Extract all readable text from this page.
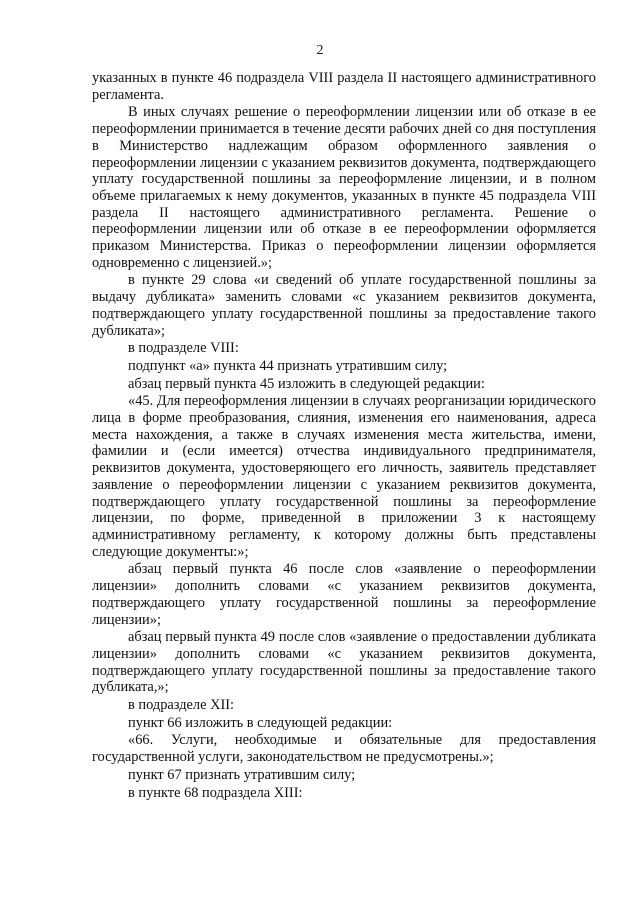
2

указанных в пункте 46 подраздела VIII раздела II настоящего административного регламента.

В иных случаях решение о переоформлении лицензии или об отказе в ее переоформлении принимается в течение десяти рабочих дней со дня поступления в Министерство надлежащим образом оформленного заявления о переоформлении лицензии с указанием реквизитов документа, подтверждающего уплату государственной пошлины за переоформление лицензии, и в полном объеме прилагаемых к нему документов, указанных в пункте 45 подраздела VIII раздела II настоящего административного регламента. Решение о переоформлении лицензии или об отказе в ее переоформлении оформляется приказом Министерства. Приказ о переоформлении лицензии оформляется одновременно с лицензией.»;

в пункте 29 слова «и сведений об уплате государственной пошлины за выдачу дубликата» заменить словами «с указанием реквизитов документа, подтверждающего уплату государственной пошлины за предоставление такого дубликата»;

в подразделе VIII:

подпункт «а» пункта 44 признать утратившим силу;

абзац первый пункта 45 изложить в следующей редакции:

«45. Для переоформления лицензии в случаях реорганизации юридического лица в форме преобразования, слияния, изменения его наименования, адреса места нахождения, а также в случаях изменения места жительства, имени, фамилии и (если имеется) отчества индивидуального предпринимателя, реквизитов документа, удостоверяющего его личность, заявитель представляет заявление о переоформлении лицензии с указанием реквизитов документа, подтверждающего уплату государственной пошлины за переоформление лицензии, по форме, приведенной в приложении 3 к настоящему административному регламенту, к которому должны быть представлены следующие документы:»;

абзац первый пункта 46 после слов «заявление о переоформлении лицензии» дополнить словами «с указанием реквизитов документа, подтверждающего уплату государственной пошлины за переоформление лицензии»;

абзац первый пункта 49 после слов «заявление о предоставлении дубликата лицензии» дополнить словами «с указанием реквизитов документа, подтверждающего уплату государственной пошлины за предоставление такого дубликата,»;

в подразделе XII:

пункт 66 изложить в следующей редакции:

«66. Услуги, необходимые и обязательные для предоставления государственной услуги, законодательством не предусмотрены.»;

пункт 67 признать утратившим силу;

в пункте 68 подраздела XIII:
